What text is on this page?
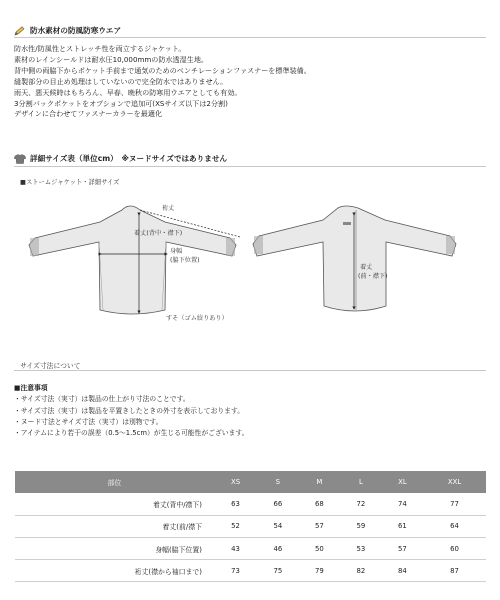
防水素材の防風防寒ウエア
防水性/防風性とストレッチ性を両立するジャケット。
素材のレインシールドは耐水圧10,000mmの防水透湿生地。
背中側の両脇下からポケット手前まで通気のためのベンチレーションファスナーを標準装備。
縫製部分の目止め処理はしていないので完全防水ではありません。
雨天、悪天候時はもちろん、早春、晩秋の防寒用ウエアとしても有効。
3分割バックポケットをオプションで追加可(XSサイズ以下は2分割)
デザインに合わせてファスナーカラーを最適化
詳細サイズ表（単位cm）　※ヌードサイズではありません
■ストームジャケット・詳細サイズ
裄丈
着丈(背中・襟下)
身幅
(脇下位置)
すそ（ゴム絞りあり）
着丈
(前・襟下)
サイズ寸法について
■注意事項
・サイズ寸法（実寸）は製品の仕上がり寸法のことです。
・サイズ寸法（実寸）は製品を平置きしたときの外寸を表示しております。
・ヌード寸法とサイズ寸法（実寸）は別物です。
・アイテムにより若干の誤差（0.5〜1.5cm）が生じる可能性がございます。
部位	XS	S	M	L	XL	XXL
着丈(背中/襟下)	63	66	68	72	74	77
着丈(前/襟下	52	54	57	59	61	64
身幅(脇下位置)	43	46	50	53	57	60
裄丈(襟から袖口まで)	73	75	79	82	84	87
